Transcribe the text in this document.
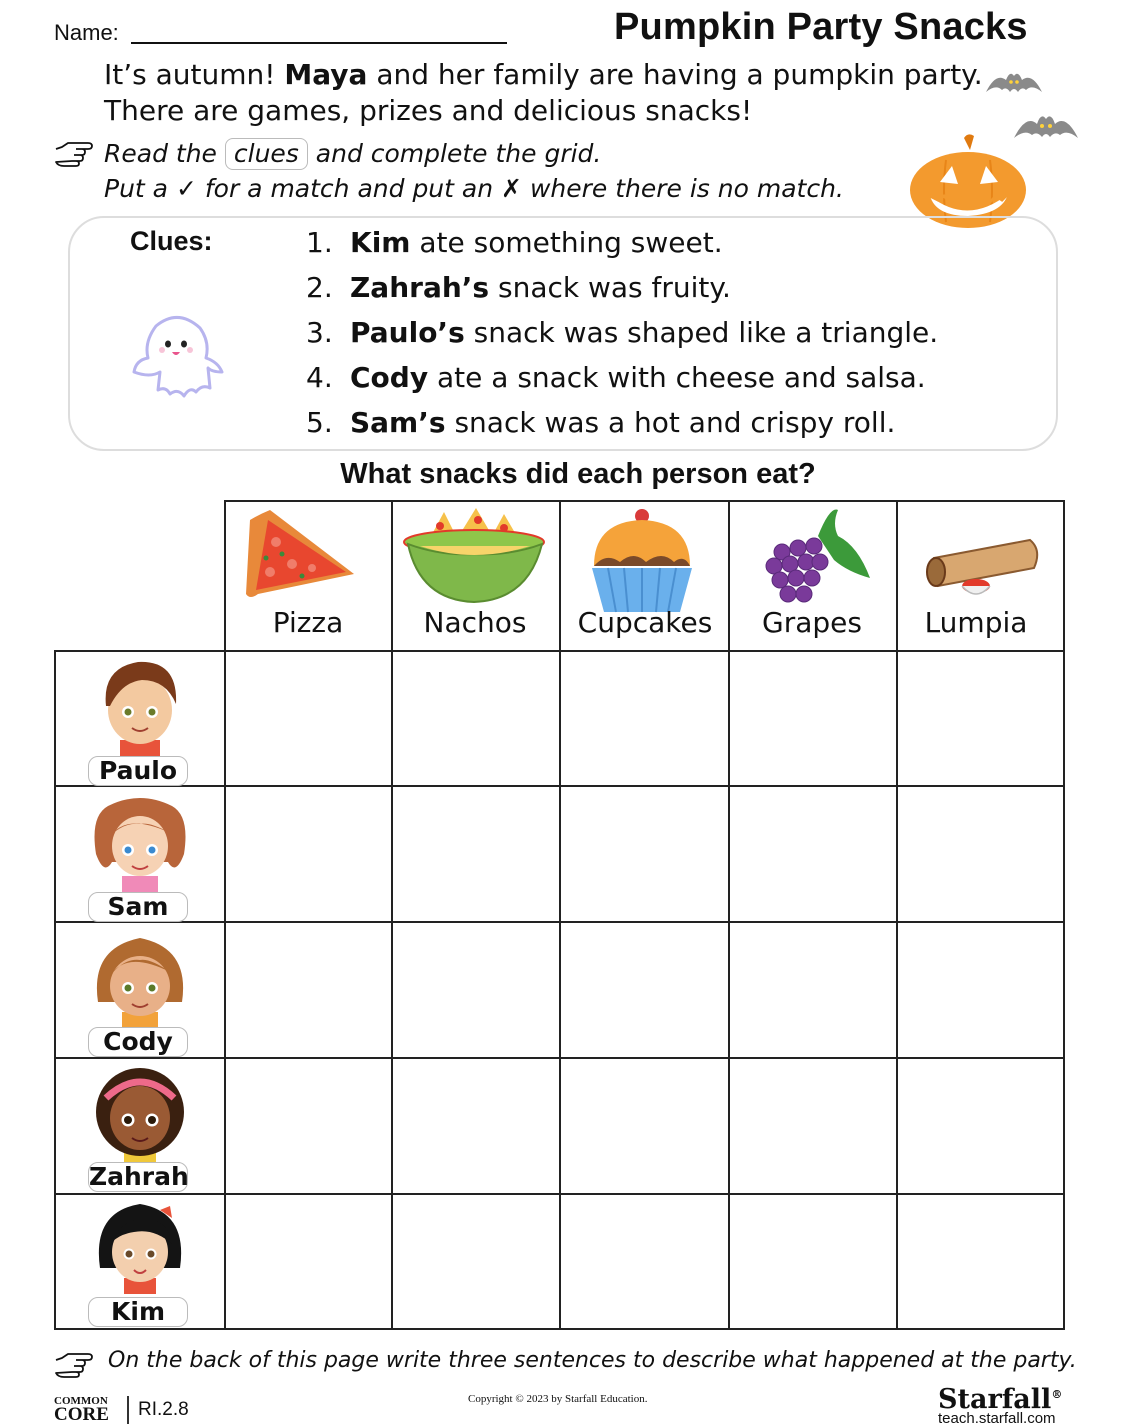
Name:	Pumpkin Party Snacks
It’s autumn! Maya and her family are having a pumpkin party.
There are games, prizes and delicious snacks!
Read the clues and complete the grid.
Put a ✓ for a match and put an ✗ where there is no match.
Clues:	1. Kim ate something sweet.
2. Zahrah’s snack was fruity.
3. Paulo’s snack was shaped like a triangle.
4. Cody ate a snack with cheese and salsa.
5. Sam’s snack was a hot and crispy roll.
What snacks did each person eat?
Pizza	Nachos	Cupcakes	Grapes	Lumpia
Paulo
Sam
Cody
Zahrah
Kim
On the back of this page write three sentences to describe what happened at the party.
COMMON
CORE RI.2.8	Copyright © 2023 by Starfall Education.	Starfall®
teach.starfall.com
